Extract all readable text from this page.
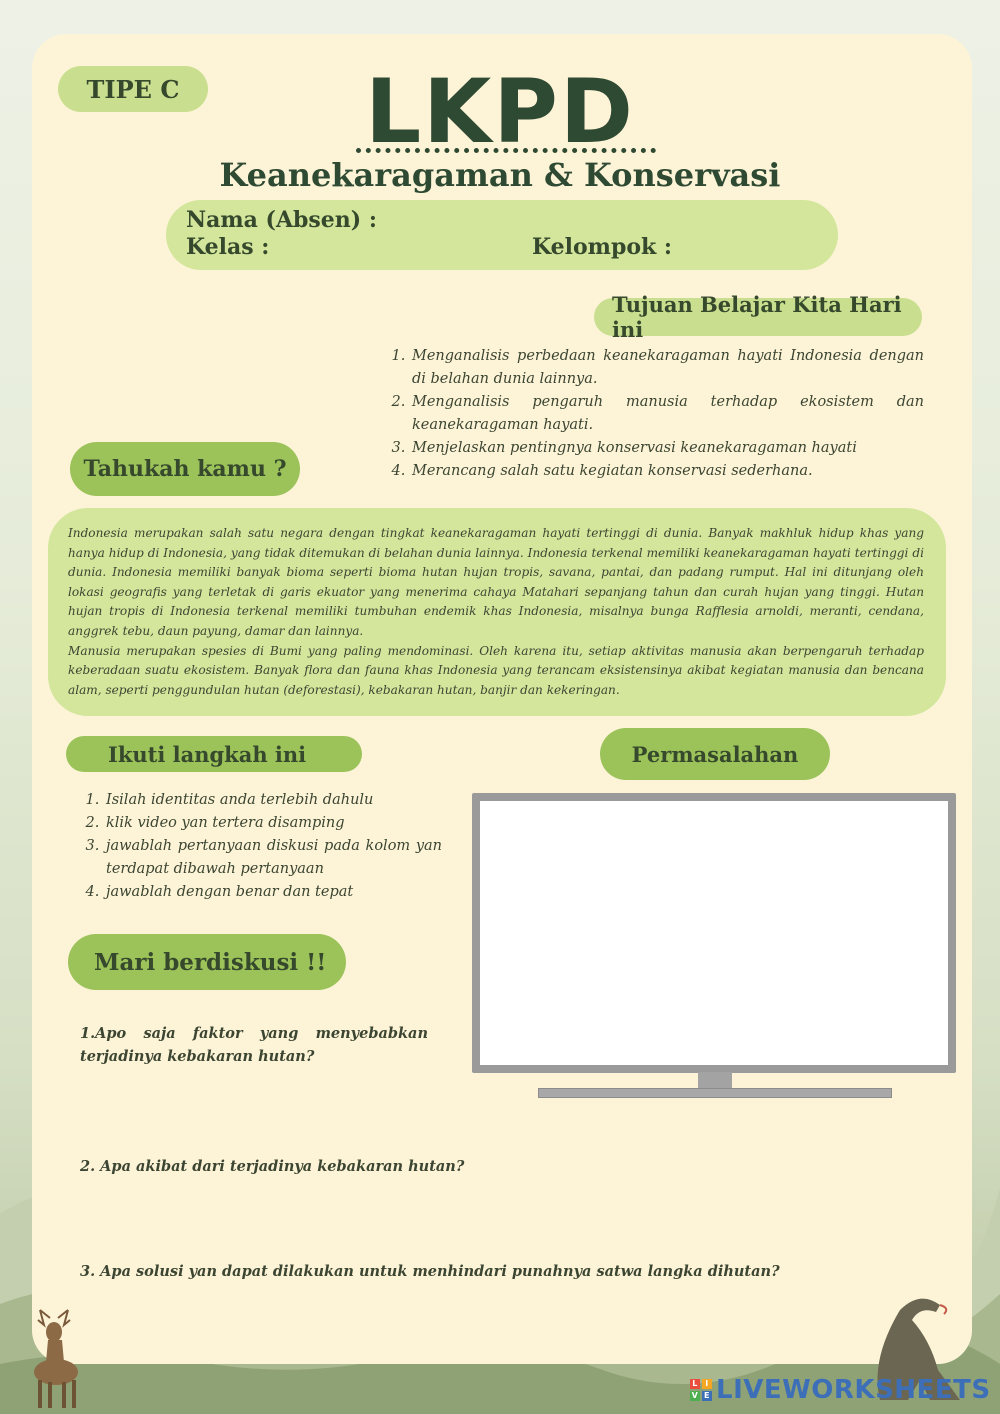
TIPE C	LKPD
Keanekaragaman & Konservasi
Nama (Absen) :
Kelas :	Kelompok :
Tujuan Belajar Kita Hari ini
1. Menganalisis perbedaan keanekaragaman hayati Indonesia dengan di belahan dunia lainnya.
2. Menganalisis pengaruh manusia terhadap ekosistem dan keanekaragaman hayati.
3. Menjelaskan pentingnya konservasi keanekaragaman hayati
4. Merancang salah satu kegiatan konservasi sederhana.
Tahukah kamu ?

Indonesia merupakan salah satu negara dengan tingkat keanekaragaman hayati tertinggi di dunia. Banyak makhluk hidup khas yang hanya hidup di Indonesia, yang tidak ditemukan di belahan dunia lainnya. Indonesia terkenal memiliki keanekaragaman hayati tertinggi di dunia. Indonesia memiliki banyak bioma seperti bioma hutan hujan tropis, savana, pantai, dan padang rumput. Hal ini ditunjang oleh lokasi geografis yang terletak di garis ekuator yang menerima cahaya Matahari sepanjang tahun dan curah hujan yang tinggi. Hutan hujan tropis di Indonesia terkenal memiliki tumbuhan endemik khas Indonesia, misalnya bunga Rafflesia arnoldi, meranti, cendana, anggrek tebu, daun payung, damar dan lainnya.

Manusia merupakan spesies di Bumi yang paling mendominasi. Oleh karena itu, setiap aktivitas manusia akan berpengaruh terhadap keberadaan suatu ekosistem. Banyak flora dan fauna khas Indonesia yang terancam eksistensinya akibat kegiatan manusia dan bencana alam, seperti penggundulan hutan (deforestasi), kebakaran hutan, banjir dan kekeringan.

Ikuti langkah ini	Permasalahan
1. Isilah identitas anda terlebih dahulu
2. klik video yan tertera disamping
3. jawablah pertanyaan diskusi pada kolom yan terdapat dibawah pertanyaan
4. jawablah dengan benar dan tepat
Mari berdiskusi !!
1.Apo saja faktor yang menyebabkan terjadinya kebakaran hutan?
2. Apa akibat dari terjadinya kebakaran hutan?
3. Apa solusi yan dapat dilakukan untuk menhindari punahnya satwa langka dihutan?
L I
V E LIVEWORKSHEETS
